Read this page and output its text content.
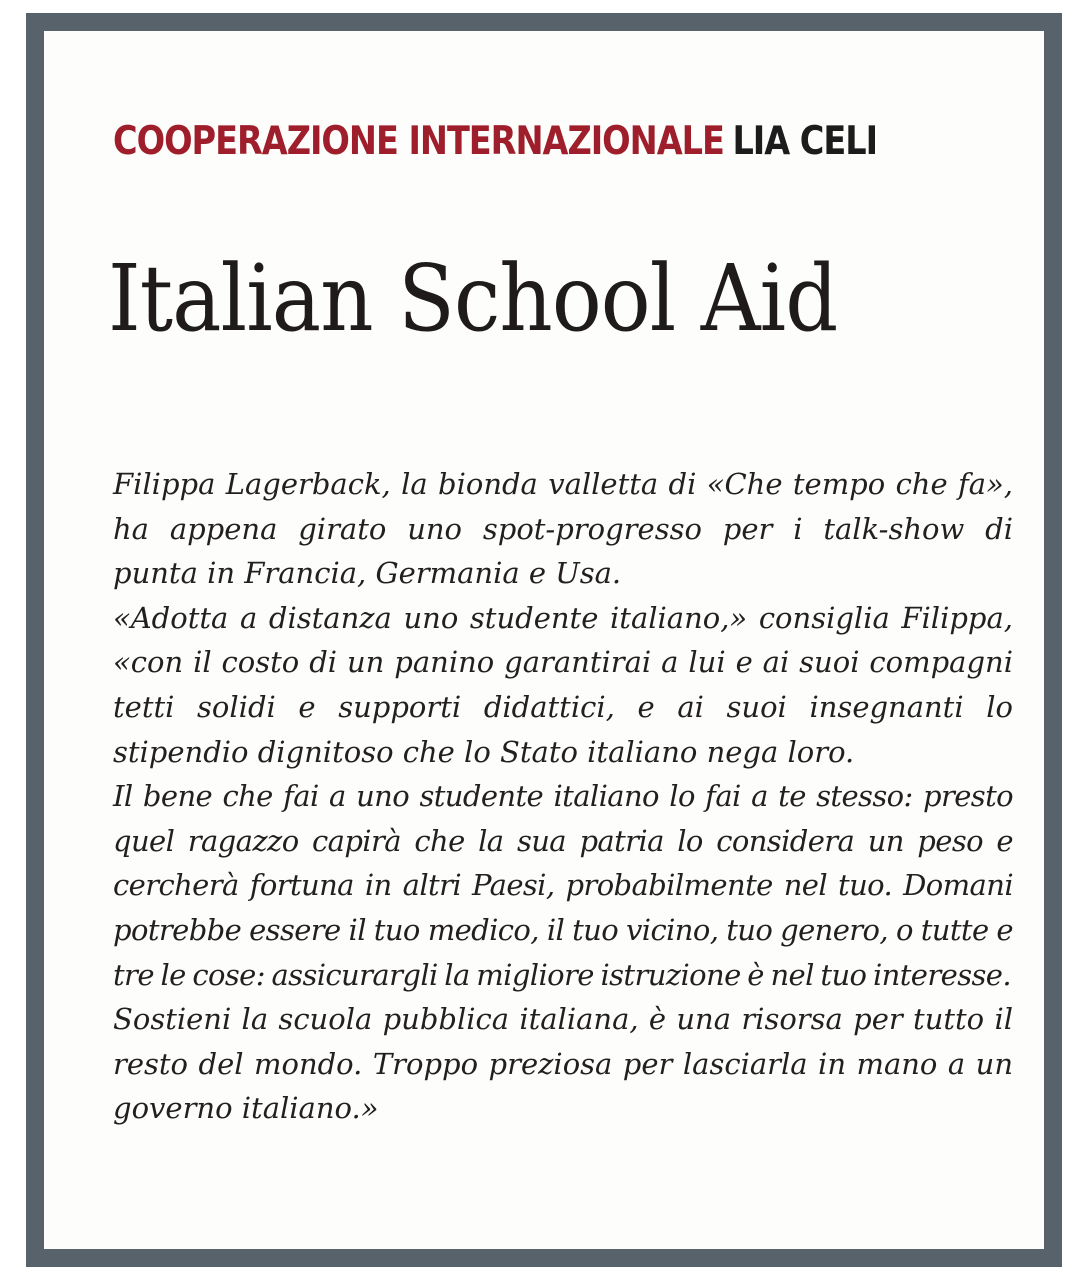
COOPERAZIONE INTERNAZIONALE LIA CELI
Italian School Aid

Filippa Lagerback, la bionda valletta di «Che tempo che fa», ha appena girato uno spot-progresso per i talk-show di punta in Francia, Germania e Usa.

«Adotta a distanza uno studente italiano,» consiglia Filippa, «con il costo di un panino garantirai a lui e ai suoi compagni tetti solidi e supporti didattici, e ai suoi insegnanti lo stipendio dignitoso che lo Stato italiano nega loro.

Il bene che fai a uno studente italiano lo fai a te stesso: presto quel ragazzo capirà che la sua patria lo considera un peso e cercherà fortuna in altri Paesi, probabilmente nel tuo. Domani potrebbe essere il tuo medico, il tuo vicino, tuo genero, o tutte e tre le cose: assicurargli la migliore istruzione è nel tuo interesse.

Sostieni la scuola pubblica italiana, è una risorsa per tutto il resto del mondo. Troppo preziosa per lasciarla in mano a un governo italiano.»
